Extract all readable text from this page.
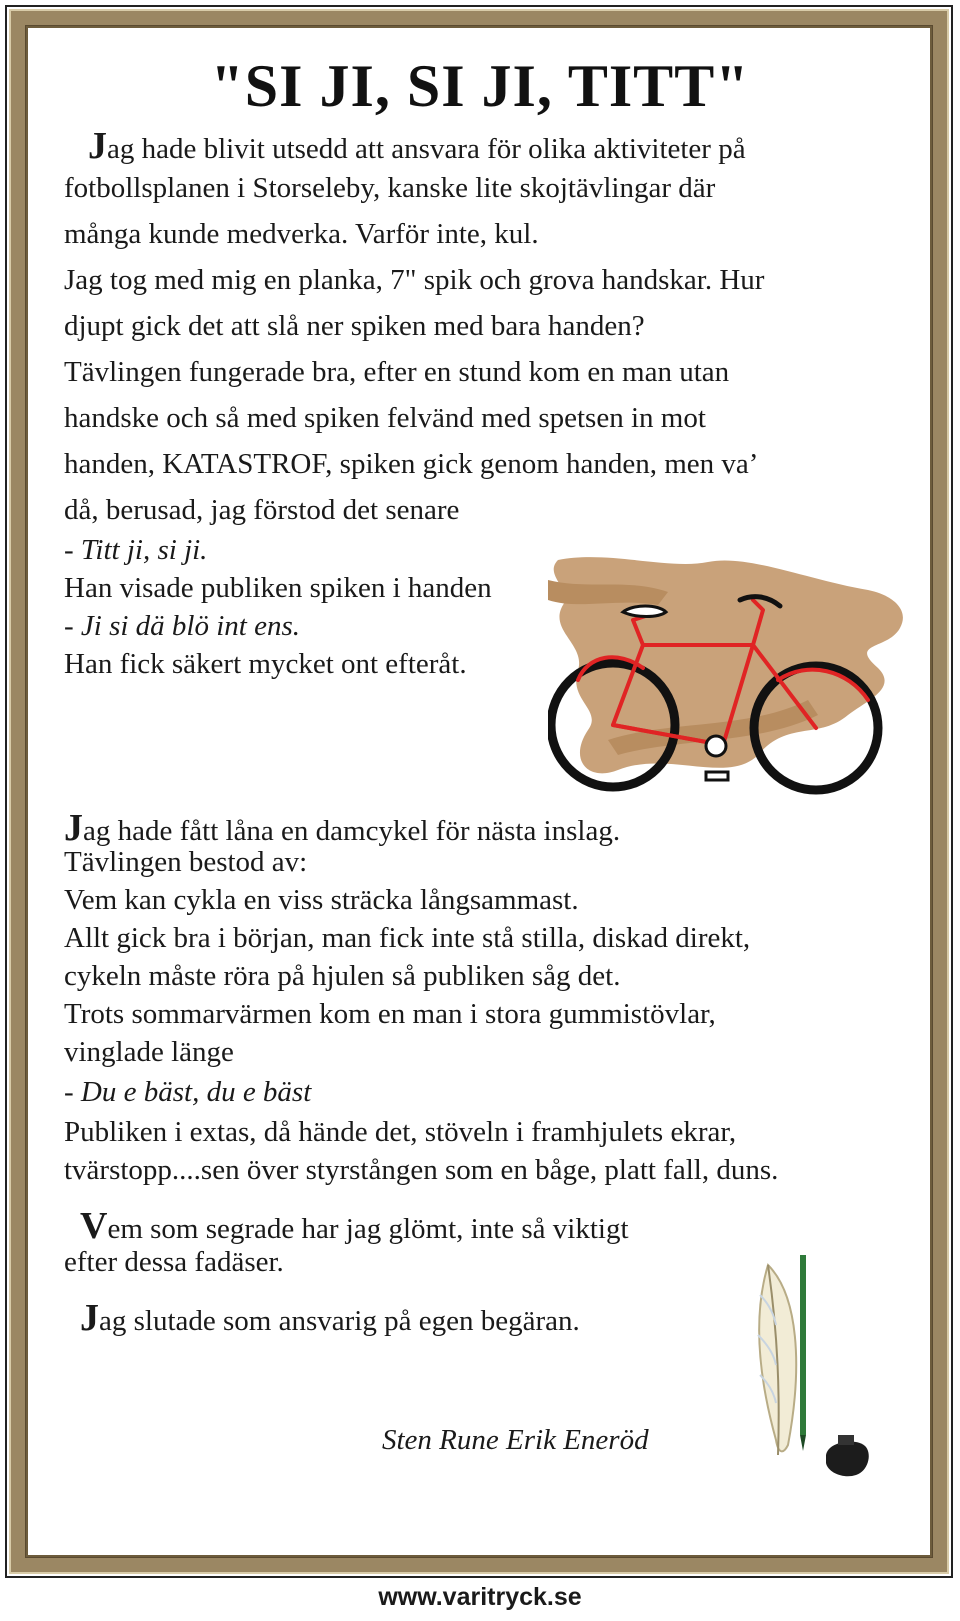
"SI JI, SI JI, TITT"
Jag hade blivit utsedd att ansvara för olika aktiviteter på
fotbollsplanen i Storseleby, kanske lite skojtävlingar där
många kunde medverka. Varför inte, kul.
Jag tog med mig en planka, 7" spik och grova handskar. Hur
djupt gick det att slå ner spiken med bara handen?
Tävlingen fungerade bra, efter en stund kom en man utan
handske och så med spiken felvänd med spetsen in mot
handen, KATASTROF, spiken gick genom handen, men va’
då, berusad, jag förstod det senare
- Titt ji, si ji.
Han visade publiken spiken i handen
- Ji si dä blö int ens.
Han fick säkert mycket ont efteråt.
Jag hade fått låna en damcykel för nästa inslag.
Tävlingen bestod av:
Vem kan cykla en viss sträcka långsammast.
Allt gick bra i början, man fick inte stå stilla, diskad direkt,
cykeln måste röra på hjulen så publiken såg det.
Trots sommarvärmen kom en man i stora gummistövlar,
vinglade länge
- Du e bäst, du e bäst
Publiken i extas, då hände det, stöveln i framhjulets ekrar,
tvärstopp....sen över styrstången som en båge, platt fall, duns.
Vem som segrade har jag glömt, inte så viktigt
efter dessa fadäser.
Jag slutade som ansvarig på egen begäran.
Sten Rune Erik Eneröd
www.varitryck.se
